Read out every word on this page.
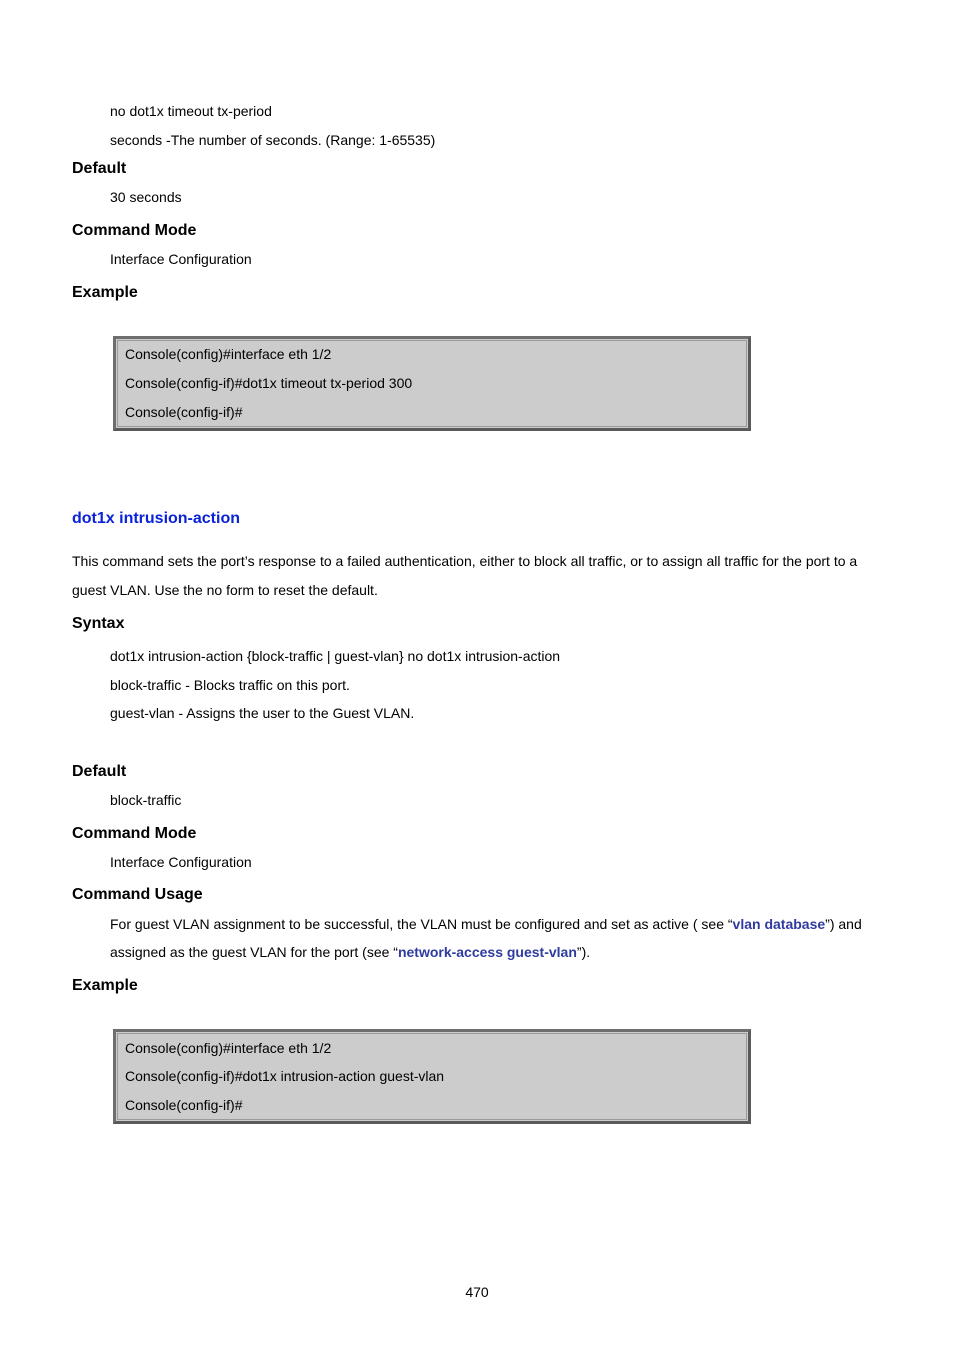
no dot1x timeout tx-period
seconds -The number of seconds. (Range: 1-65535)
Default
30 seconds
Command Mode
Interface Configuration
Example
Console(config)#interface eth 1/2
Console(config-if)#dot1x timeout tx-period 300
Console(config-if)#
dot1x intrusion-action
This command sets the port’s response to a failed authentication, either to block all traffic, or to assign all traffic for the port to a
guest VLAN. Use the no form to reset the default.
Syntax
dot1x intrusion-action {block-traffic | guest-vlan} no dot1x intrusion-action
block-traffic - Blocks traffic on this port.
guest-vlan - Assigns the user to the Guest VLAN.
Default
block-traffic
Command Mode
Interface Configuration
Command Usage
For guest VLAN assignment to be successful, the VLAN must be configured and set as active ( see “vlan database”) and
assigned as the guest VLAN for the port (see “network-access guest-vlan”).
Example
Console(config)#interface eth 1/2
Console(config-if)#dot1x intrusion-action guest-vlan
Console(config-if)#
470
